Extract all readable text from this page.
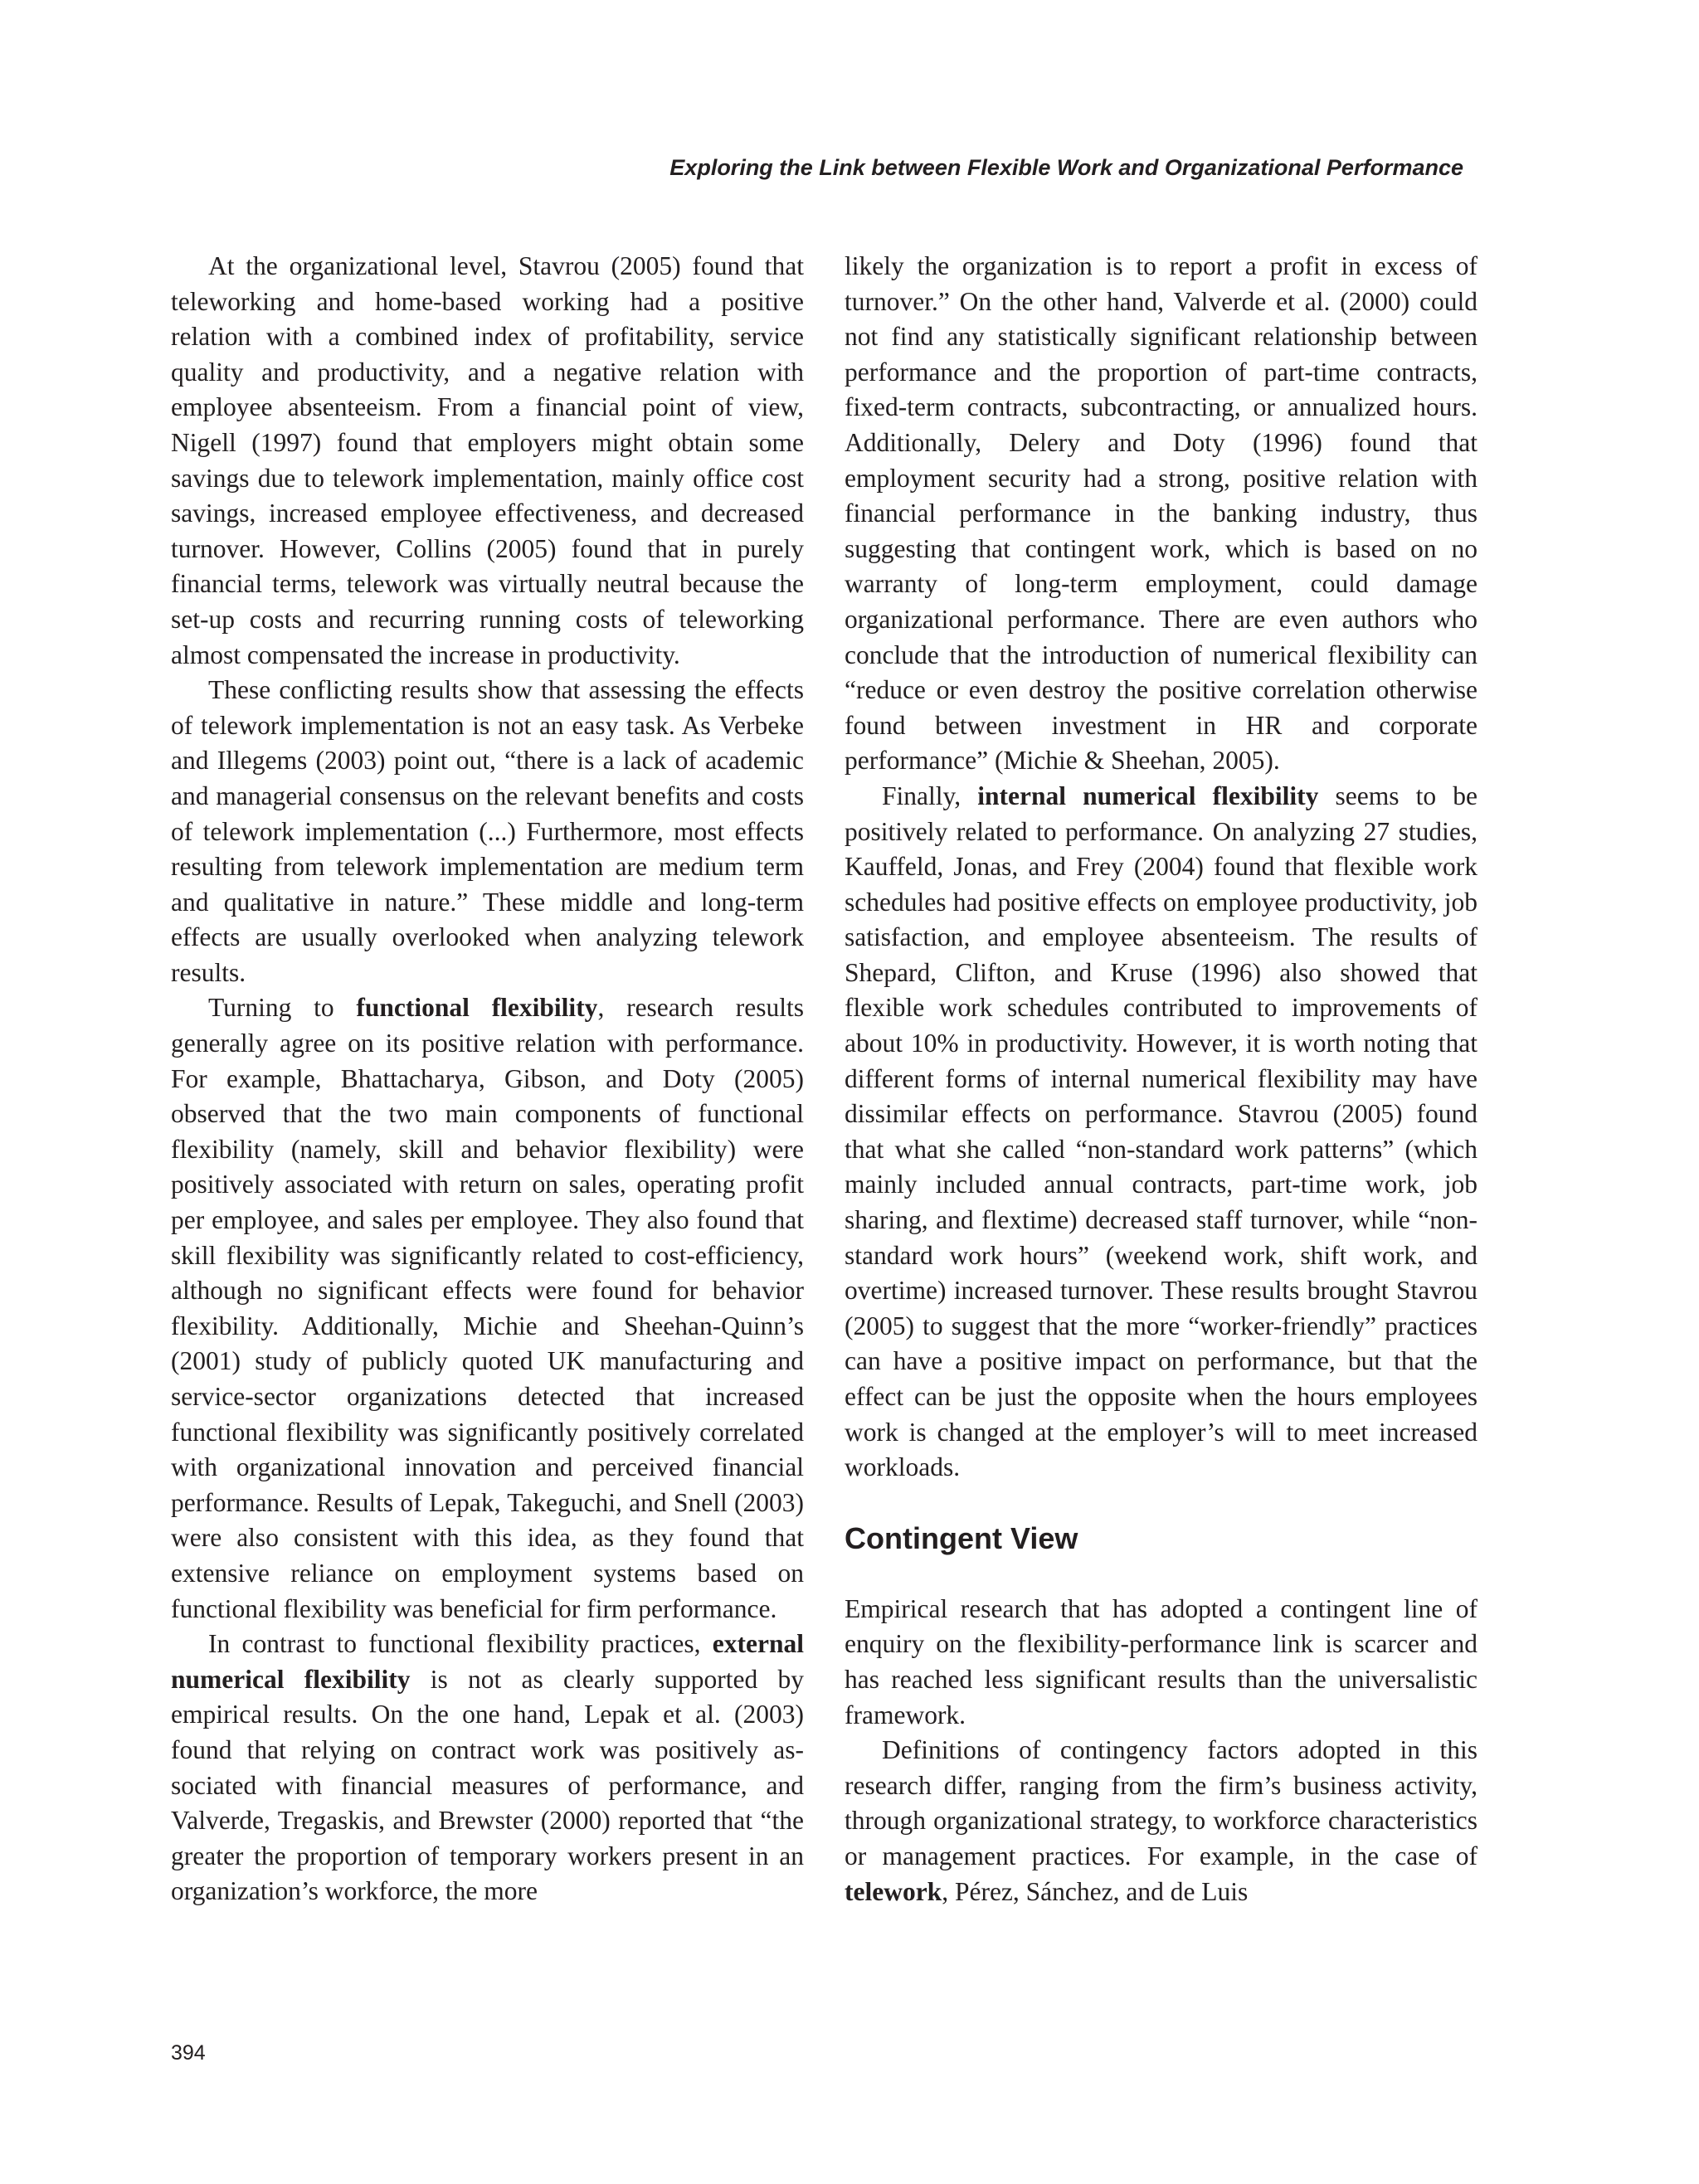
Exploring the Link between Flexible Work and Organizational Performance

At the organizational level, Stavrou (2005) found that teleworking and home-based working had a positive relation with a combined index of profitability, service quality and productivity, and a negative relation with employee absenteeism. From a financial point of view, Nigell (1997) found that employers might obtain some savings due to telework implementation, mainly office cost savings, increased employee effectiveness, and decreased turnover. However, Collins (2005) found that in purely financial terms, telework was virtually neutral because the set-up costs and recurring running costs of teleworking almost compensated the increase in productivity.

These conflicting results show that assessing the effects of telework implementation is not an easy task. As Verbeke and Illegems (2003) point out, “there is a lack of academic and managerial consensus on the relevant benefits and costs of telework implementation (...) Furthermore, most effects resulting from telework implementation are medium term and qualitative in nature.” These middle and long-term effects are usually overlooked when analyzing telework results.

Turning to functional flexibility, research results generally agree on its positive relation with performance. For example, Bhattacharya, Gibson, and Doty (2005) observed that the two main components of functional flexibility (namely, skill and behavior flexibility) were positively associated with return on sales, operating profit per employee, and sales per employee. They also found that skill flexibility was significantly related to cost-efficiency, although no significant effects were found for behavior flexibility. Additionally, Michie and Sheehan-Quinn’s (2001) study of publicly quoted UK manufacturing and service-sector organizations detected that increased functional flexibility was significantly positively correlated with organizational innovation and perceived financial performance. Results of Lepak, Takeguchi, and Snell (2003) were also consistent with this idea, as they found that extensive reliance on employment systems based on functional flexibility was beneficial for firm performance.

In contrast to functional flexibility practices, external numerical flexibility is not as clearly supported by empirical results. On the one hand, Lepak et al. (2003) found that relying on contract work was positively associated with financial measures of performance, and Valverde, Tregaskis, and Brewster (2000) reported that “the greater the proportion of temporary workers present in an organization’s workforce, the more

likely the organization is to report a profit in excess of turnover.” On the other hand, Valverde et al. (2000) could not find any statistically significant relationship between performance and the proportion of part-time contracts, fixed-term contracts, subcontracting, or annualized hours. Additionally, Delery and Doty (1996) found that employment security had a strong, positive relation with financial performance in the banking industry, thus suggesting that contingent work, which is based on no warranty of long-term employment, could damage organizational performance. There are even authors who conclude that the introduction of numerical flexibility can “reduce or even destroy the positive correlation otherwise found between investment in HR and corporate performance” (Michie & Sheehan, 2005).

Finally, internal numerical flexibility seems to be positively related to performance. On analyzing 27 studies, Kauffeld, Jonas, and Frey (2004) found that flexible work schedules had positive effects on employee productivity, job satisfaction, and employee absenteeism. The results of Shepard, Clifton, and Kruse (1996) also showed that flexible work schedules contributed to improvements of about 10% in productivity. However, it is worth noting that different forms of internal numerical flexibility may have dissimilar effects on performance. Stavrou (2005) found that what she called “non-standard work patterns” (which mainly included annual contracts, part-time work, job sharing, and flextime) decreased staff turnover, while “non-standard work hours” (weekend work, shift work, and overtime) increased turnover. These results brought Stavrou (2005) to suggest that the more “worker-friendly” practices can have a positive impact on performance, but that the effect can be just the opposite when the hours employees work is changed at the employer’s will to meet increased workloads.

Contingent View

Empirical research that has adopted a contingent line of enquiry on the flexibility-performance link is scarcer and has reached less significant results than the universalistic framework.

Definitions of contingency factors adopted in this research differ, ranging from the firm’s business activity, through organizational strategy, to workforce characteristics or management practices. For example, in the case of telework, Pérez, Sánchez, and de Luis

394
